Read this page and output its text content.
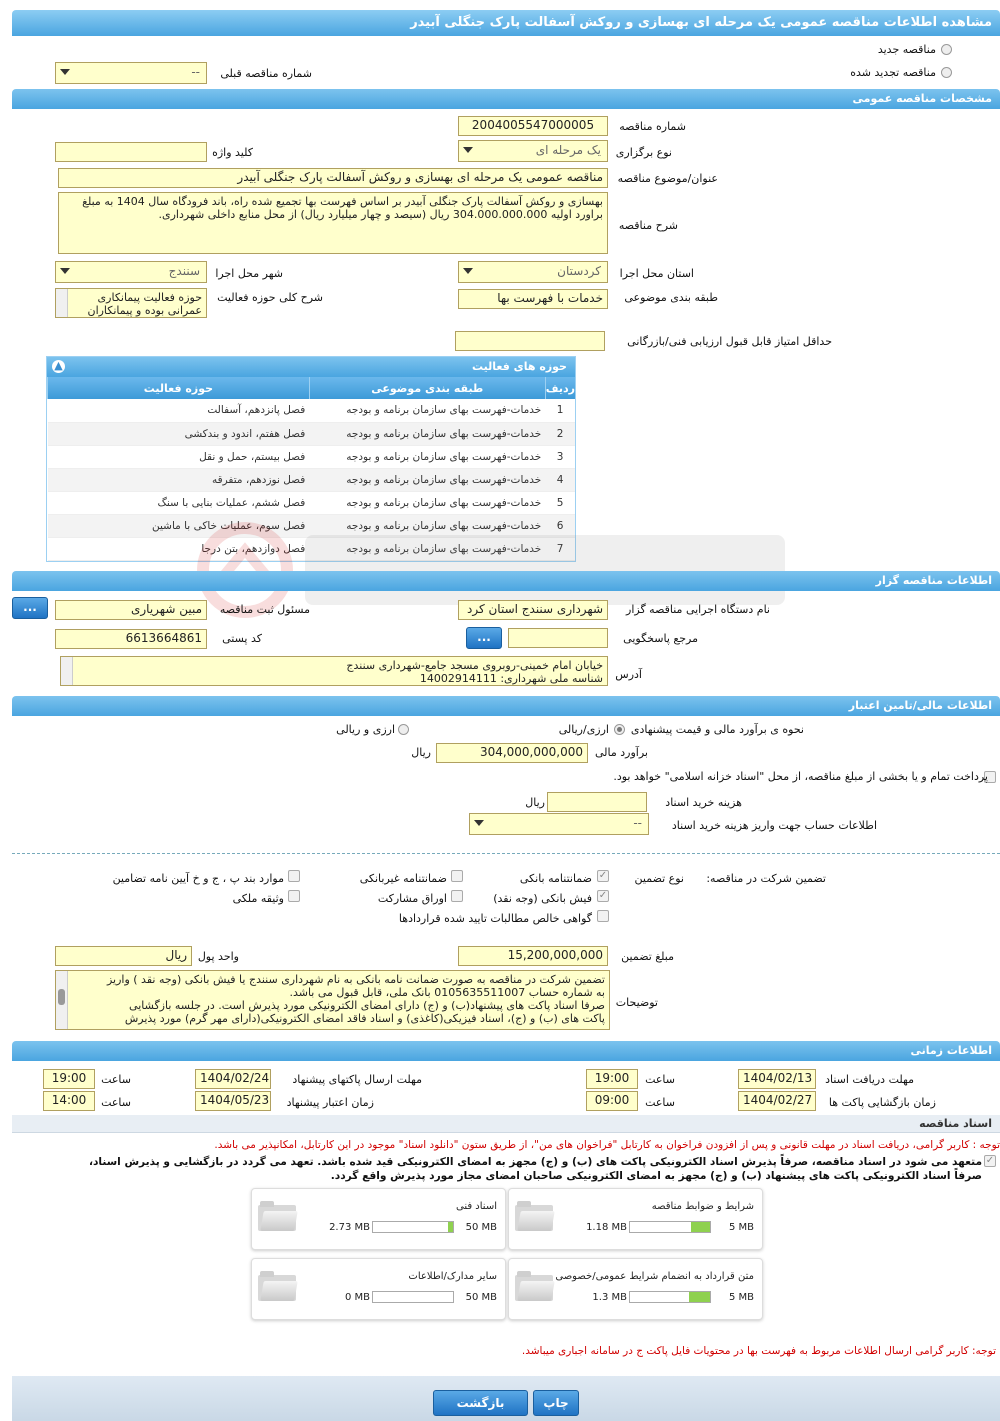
مشاهده اطلاعات مناقصه عمومی یک مرحله ای بهسازی و روکش آسفالت پارک جنگلی آبیدر
مناقصه جدید
مناقصه تجدید شده
شماره مناقصه قبلی
--
مشخصات مناقصه عمومی
شماره مناقصه
2004005547000005
نوع برگزاری
یک مرحله ای
کلید واژه
عنوان/موضوع مناقصه
مناقصه عمومی یک مرحله ای بهسازی و روکش آسفالت پارک جنگلی آبیدر
شرح مناقصه
بهسازی و روکش آسفالت پارک جنگلی آبیدر بر اساس فهرست بها تجمیع شده راه، باند فرودگاه سال 1404 به مبلغ براورد اولیه 304.000.000.000 ریال (سیصد و چهار میلیارد ریال) از محل منابع داخلی شهرداری.
استان محل اجرا
کردستان
شهر محل اجرا
سنندج
طبقه بندی موضوعی
خدمات با فهرست بها
شرح کلی حوزه فعالیت
حوزه فعالیت پیمانکاری عمرانی بوده و پیمانکاران
حداقل امتیاز قابل قبول ارزیابی فنی/بازرگانی
حوزه های فعالیت
▲
ردیف	طبقه بندی موضوعی	حوزه فعالیت
1	خدمات-فهرست بهای سازمان برنامه و بودجه	فصل پانزدهم، آسفالت
2	خدمات-فهرست بهای سازمان برنامه و بودجه	فصل هفتم، اندود و بندکشی
3	خدمات-فهرست بهای سازمان برنامه و بودجه	فصل بیستم، حمل و نقل
4	خدمات-فهرست بهای سازمان برنامه و بودجه	فصل نوزدهم، متفرقه
5	خدمات-فهرست بهای سازمان برنامه و بودجه	فصل ششم، عملیات بنایی با سنگ
6	خدمات-فهرست بهای سازمان برنامه و بودجه	فصل سوم، عملیات خاکی با ماشین
7	خدمات-فهرست بهای سازمان برنامه و بودجه	فصل دوازدهم، بتن درجا
اطلاعات مناقصه گزار
نام دستگاه اجرایی مناقصه گزار
شهرداری سنندج استان کرد
مسئول ثبت مناقصه
مبین شهریاری
...
مرجع پاسخگویی
...
کد پستی
6613664861
آدرس
خیابان امام خمینی-روبروی مسجد جامع-شهرداری سنندج
شناسه ملی شهرداری: 14002914111
اطلاعات مالی/تامین اعتبار
نحوه ی برآورد مالی و قیمت پیشنهادی
ارزی/ریالی
ارزی و ریالی
برآورد مالی
304,000,000,000
ریال
پرداخت تمام و یا بخشی از مبلغ مناقصه، از محل "اسناد خزانه اسلامی" خواهد بود.
هزینه خرید اسناد
ریال
اطلاعات حساب جهت واریز هزینه خرید اسناد
--
تضمین شرکت در مناقصه:
نوع تضمین
✓
ضمانتنامه بانکی
ضمانتنامه غیربانکی
موارد بند پ ، ج و خ آیین نامه تضامین
✓
فیش بانکی (وجه نقد)
اوراق مشارکت
وثیقه ملکی
گواهی خالص مطالبات تایید شده قراردادها
مبلغ تضمین
15,200,000,000
واحد پول
ریال
توضیحات
تضمین شرکت در مناقصه به صورت ضمانت نامه بانکی به نام شهرداری سنندج یا فیش بانکی (وجه نقد ) واریز
به شماره حساب 0105635511007 بانک ملی، قابل قبول می باشد.
صرفا اسناد پاکت های پیشنهاد(ب) و (ج) دارای امضای الکترونیکی مورد پذیرش است. در جلسه بازگشایی
پاکت های (ب) و (ج)، اسناد فیزیکی(کاغذی) و اسناد فاقد امضای الکترونیکی(دارای مهر گرم) مورد پذیرش
اطلاعات زمانی
مهلت دریافت اسناد
1404/02/13
ساعت
19:00
مهلت ارسال پاکتهای پیشنهاد
1404/02/24
ساعت
19:00
زمان بازگشایی پاکت ها
1404/02/27
ساعت
09:00
زمان اعتبار پیشنهاد
1404/05/23
ساعت
14:00
اسناد مناقصه
توجه : کاربر گرامی، دریافت اسناد در مهلت قانونی و پس از افزودن فراخوان به کارتابل "فراخوان های من"، از طریق ستون "دانلود اسناد" موجود در این کارتابل، امکانپذیر می باشد.
✓
متعهد می شود در اسناد مناقصه، صرفاً پذیرش اسناد الکترونیکی پاکت های (ب) و (ج) مجهز به امضای الکترونیکی قید شده باشد. تعهد می گردد در بازگشایی و پذیرش اسناد،
صرفاً اسناد الکترونیکی پاکت های پیشنهاد (ب) و (ج) مجهز به امضای الکترونیکی صاحبان امضای مجاز مورد پذیرش واقع گردد.
شرایط و ضوابط مناقصه
5 MB
1.18 MB
اسناد فنی
50 MB
2.73 MB
متن قرارداد به انضمام شرایط عمومی/خصوصی
5 MB
1.3 MB
سایر مدارک/اطلاعات
50 MB
0 MB
توجه: کاربر گرامی ارسال اطلاعات مربوط به فهرست بها در محتویات فایل پاکت ج در سامانه اجباری میباشد.
چاپ
بازگشت
